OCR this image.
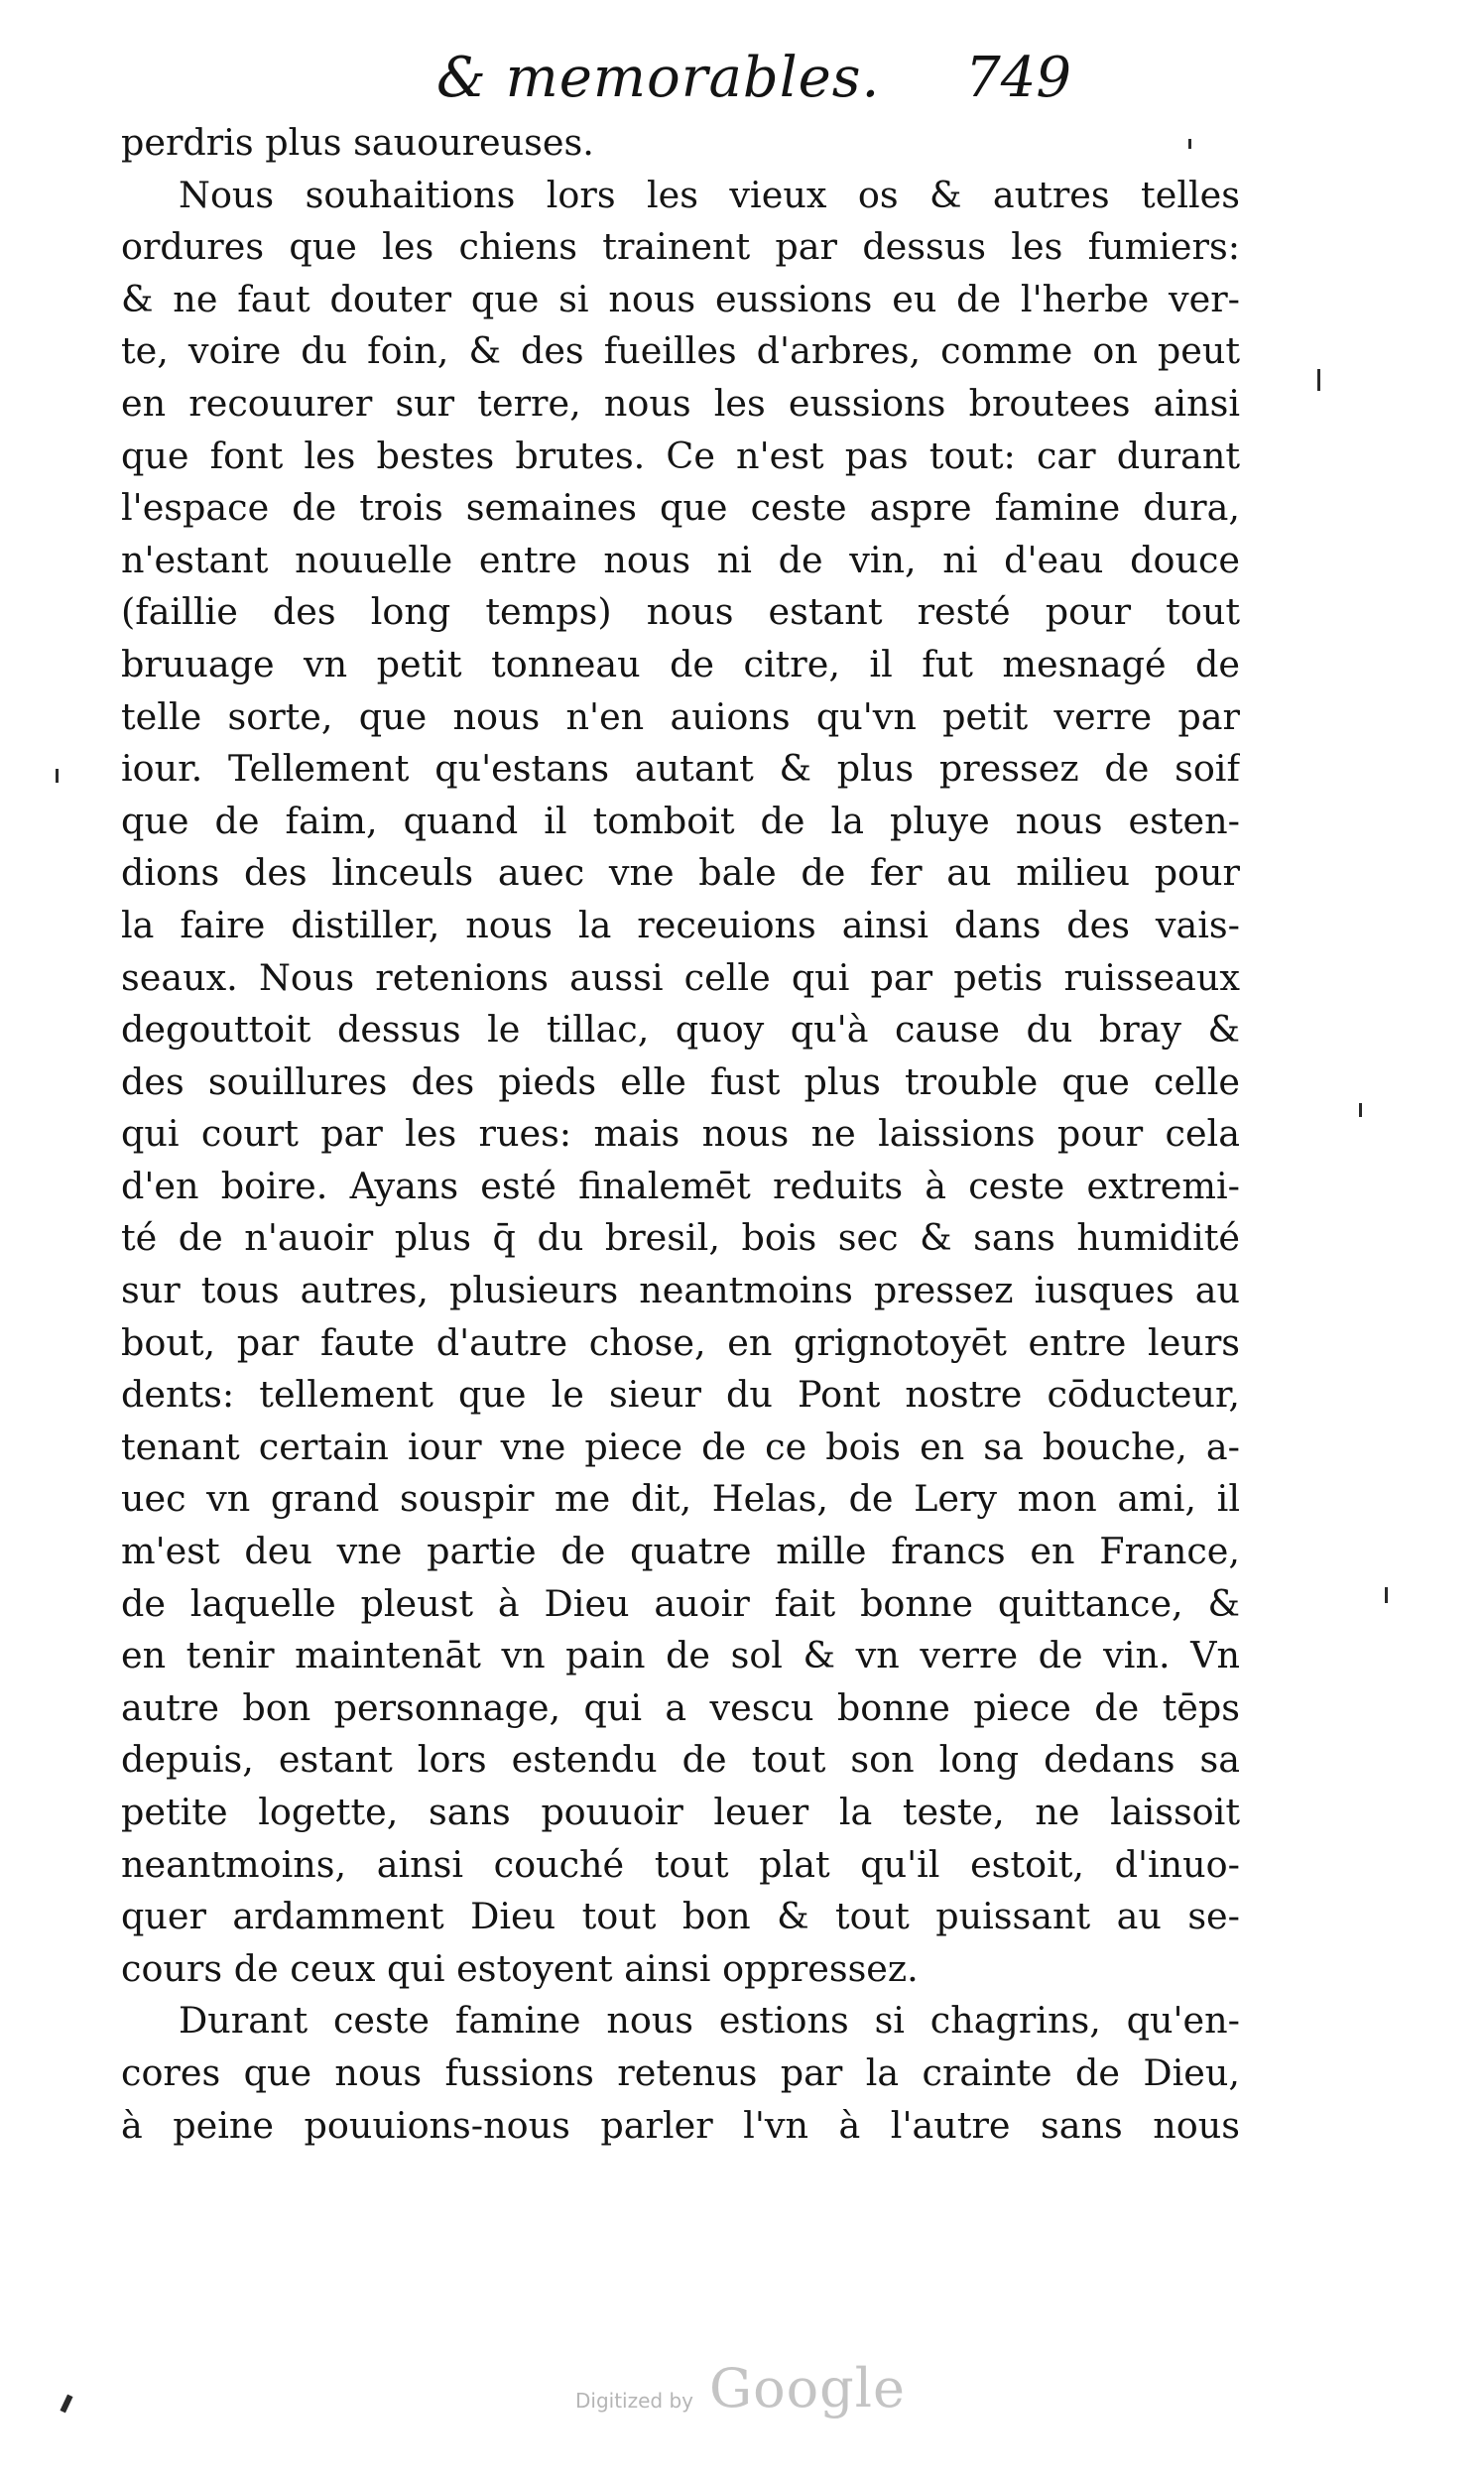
& memorables. 749
perdris plus sauoureuses.
Nous souhaitions lors les vieux os & autres telles
ordures que les chiens trainent par dessus les fumiers:
& ne faut douter que si nous eussions eu de l'herbe ver-
te, voire du foin, & des fueilles d'arbres, comme on peut
en recouurer sur terre, nous les eussions broutees ainsi
que font les bestes brutes. Ce n'est pas tout: car durant
l'espace de trois semaines que ceste aspre famine dura,
n'estant nouuelle entre nous ni de vin, ni d'eau douce
(faillie des long temps) nous estant resté pour tout
bruuage vn petit tonneau de citre, il fut mesnagé de
telle sorte, que nous n'en auions qu'vn petit verre par
iour. Tellement qu'estans autant & plus pressez de soif
que de faim, quand il tomboit de la pluye nous esten-
dions des linceuls auec vne bale de fer au milieu pour
la faire distiller, nous la receuions ainsi dans des vais-
seaux. Nous retenions aussi celle qui par petis ruisseaux
degouttoit dessus le tillac, quoy qu'à cause du bray &
des souillures des pieds elle fust plus trouble que celle
qui court par les rues: mais nous ne laissions pour cela
d'en boire. Ayans esté finalemēt reduits à ceste extremi-
té de n'auoir plus q̄ du bresil, bois sec & sans humidité
sur tous autres, plusieurs neantmoins pressez iusques au
bout, par faute d'autre chose, en grignotoyēt entre leurs
dents: tellement que le sieur du Pont nostre cōducteur,
tenant certain iour vne piece de ce bois en sa bouche, a-
uec vn grand souspir me dit, Helas, de Lery mon ami, il
m'est deu vne partie de quatre mille francs en France,
de laquelle pleust à Dieu auoir fait bonne quittance, &
en tenir maintenāt vn pain de sol & vn verre de vin. Vn
autre bon personnage, qui a vescu bonne piece de tēps
depuis, estant lors estendu de tout son long dedans sa
petite logette, sans pouuoir leuer la teste, ne laissoit
neantmoins, ainsi couché tout plat qu'il estoit, d'inuo-
quer ardamment Dieu tout bon & tout puissant au se-
cours de ceux qui estoyent ainsi oppressez.
Durant ceste famine nous estions si chagrins, qu'en-
cores que nous fussions retenus par la crainte de Dieu,
à peine pouuions-nous parler l'vn à l'autre sans nous
Digitized by Google
